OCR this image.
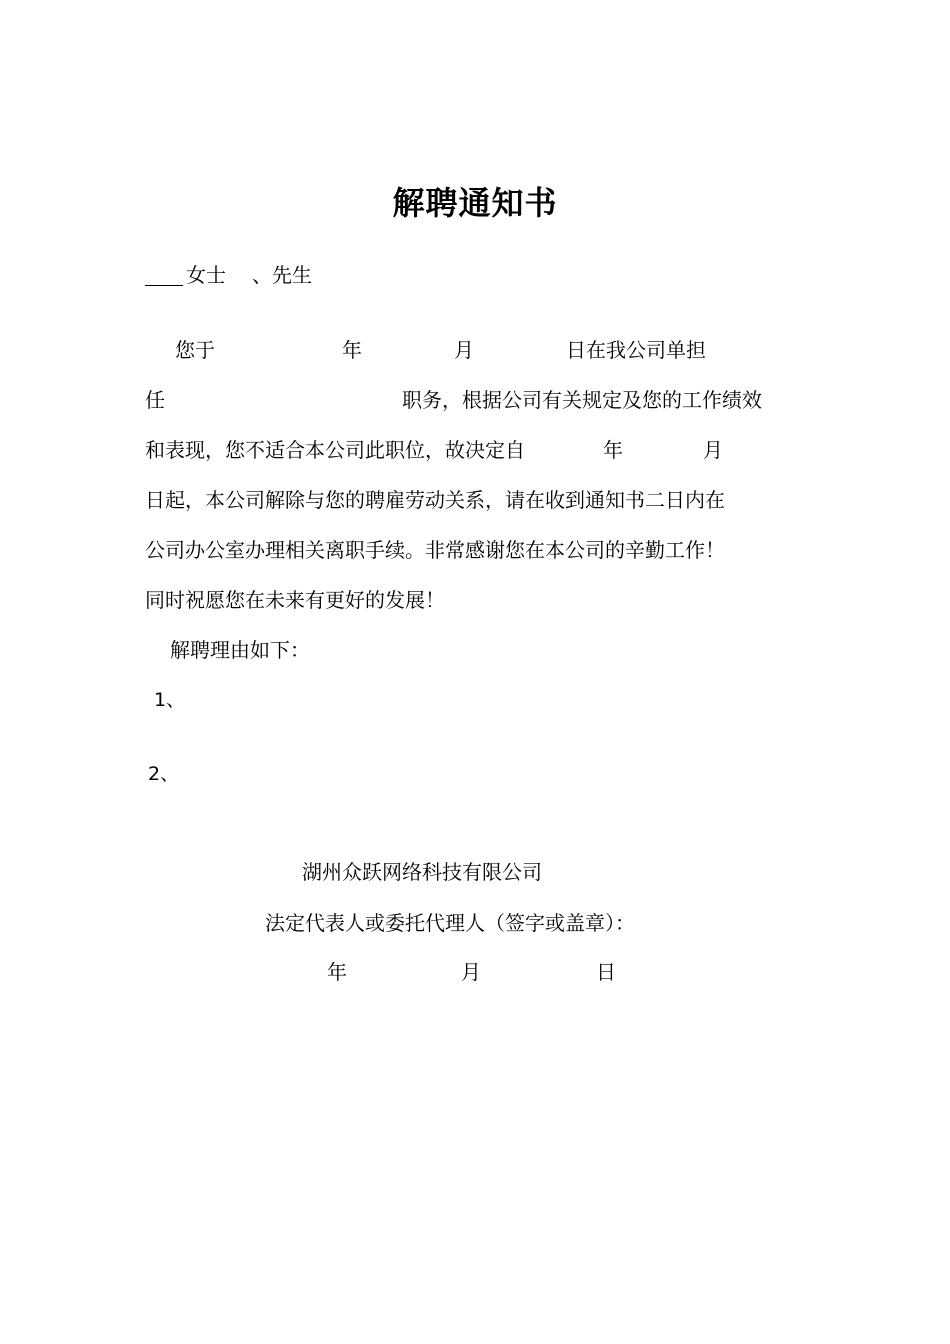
解聘通知书
女士 、先生
您于	年	月	日在我公司单担
任	职务，根据公司有关规定及您的工作绩效
和表现，您不适合本公司此职位，故决定自	年	月
日起，本公司解除与您的聘雇劳动关系，请在收到通知书二日内在
公司办公室办理相关离职手续。非常感谢您在本公司的辛勤工作！
同时祝愿您在未来有更好的发展！
解聘理由如下：
1、
2、
湖州众跃网络科技有限公司
法定代表人或委托代理人（签字或盖章）：
年	月	日
